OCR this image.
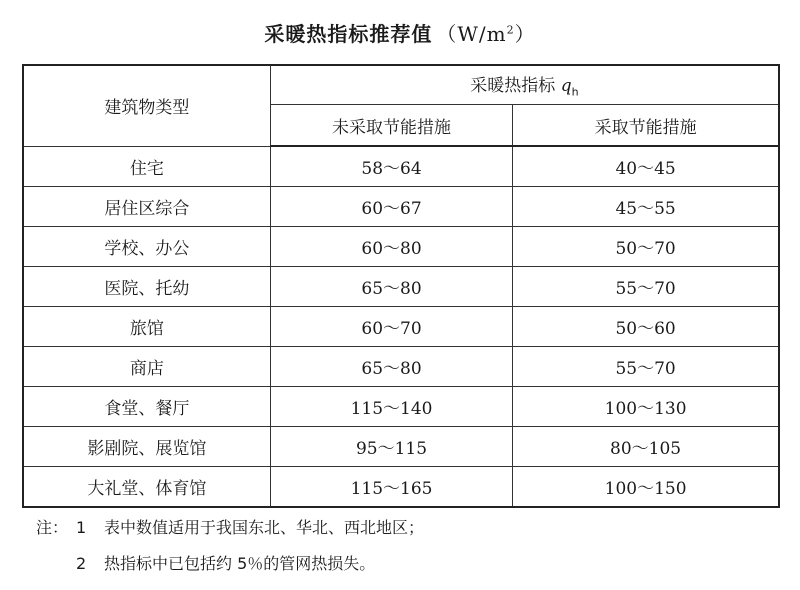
采暖热指标推荐值 $(W/m^2)$
建筑物类型	采暖热指标 $q_h$
	未采取节能措施	采取节能措施
住宅	58～64	40～45
居住区综合	60～67	45～55
学校、办公	60～80	50～70
医院、托幼	65～80	55～70
旅馆	60～70	50～60
商店	65～80	55～70
食堂、餐厅	115～140	100～130
影剧院、展览馆	95～115	80～105
大礼堂、体育馆	115～165	100～150
注： 1 表中数值适用于我国东北、华北、西北地区；
2 热指标中已包括约 5％的管网热损失。
